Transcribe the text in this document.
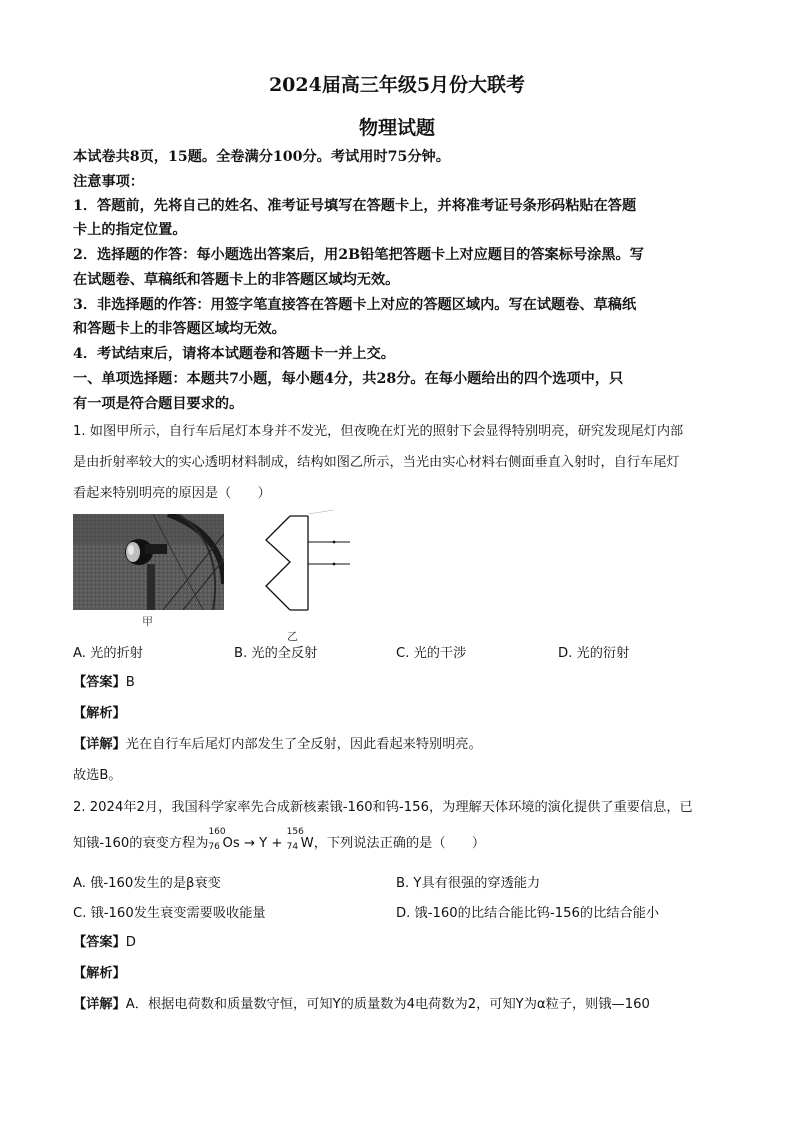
2024届高三年级5月份大联考
物理试题
本试卷共8页，15题。全卷满分100分。考试用时75分钟。
注意事项：
1．答题前，先将自己的姓名、准考证号填写在答题卡上，并将准考证号条形码粘贴在答题
卡上的指定位置。
2．选择题的作答：每小题选出答案后，用2B铅笔把答题卡上对应题目的答案标号涂黑。写
在试题卷、草稿纸和答题卡上的非答题区域均无效。
3．非选择题的作答：用签字笔直接答在答题卡上对应的答题区域内。写在试题卷、草稿纸
和答题卡上的非答题区域均无效。
4．考试结束后，请将本试题卷和答题卡一并上交。
一、单项选择题：本题共7小题，每小题4分，共28分。在每小题给出的四个选项中，只
有一项是符合题目要求的。
1. 如图甲所示，自行车后尾灯本身并不发光，但夜晚在灯光的照射下会显得特别明亮，研究发现尾灯内部
是由折射率较大的实心透明材料制成，结构如图乙所示，当光由实心材料右侧面垂直入射时，自行车尾灯
看起来特别明亮的原因是（　　）
甲
乙
A. 光的折射	B. 光的全反射	C. 光的干涉	D. 光的衍射
【答案】B
【解析】
【详解】光在自行车后尾灯内部发生了全反射，因此看起来特别明亮。
故选B。
2. 2024年2月，我国科学家率先合成新核素锇-160和钨-156，为理解天体环境的演化提供了重要信息，已
知锇-160的衰变方程为
160
76 Os → Y +
156
74 W，下列说法正确的是（　　）
A. 俄-160发生的是β衰变	B. Y具有很强的穿透能力
C. 锇-160发生衰变需要吸收能量	D. 饿-160的比结合能比钨-156的比结合能小
【答案】D
【解析】
【详解】A．根据电荷数和质量数守恒，可知Y的质量数为4电荷数为2，可知Y为α粒子，则锇—160
